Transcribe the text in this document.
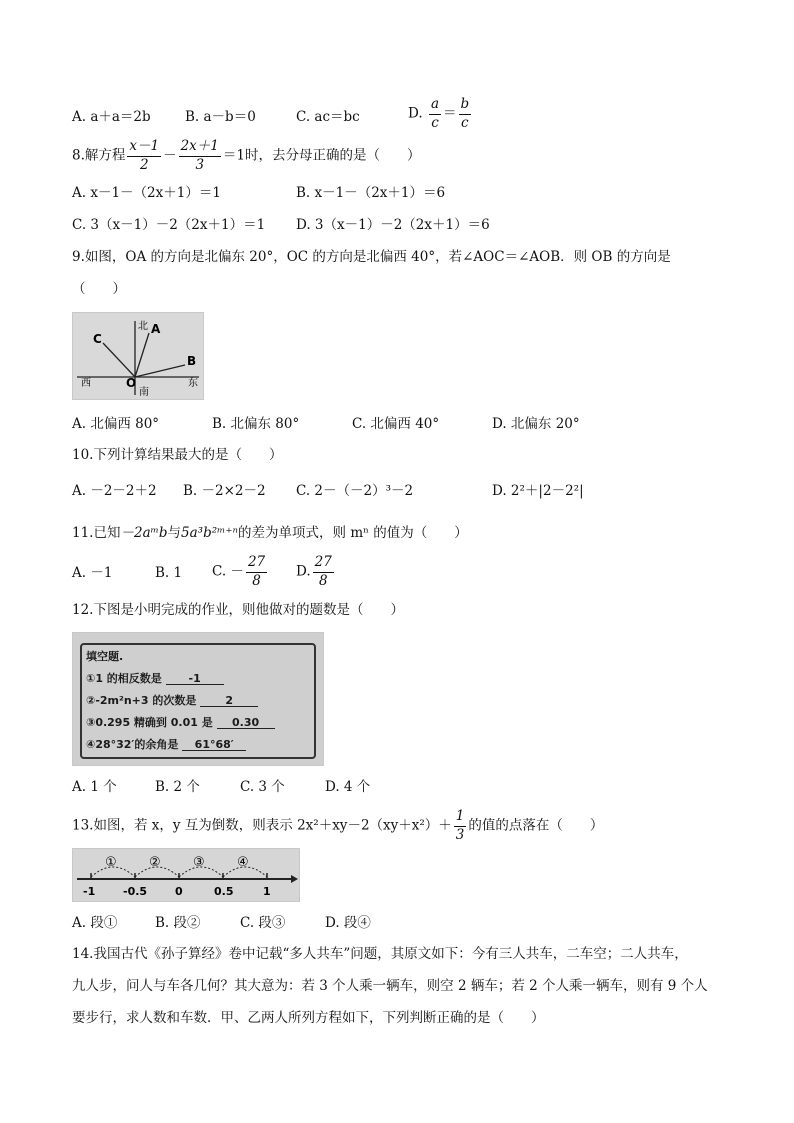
A. a＋a＝2b	B. a－b＝0	C. ac＝bc	D. $\frac{a}{c} = \frac{b}{c}$
8.解方程 $\frac{x-1}{2} - \frac{2x+1}{3} =1$时，去分母正确的是（　　）
A. x－1－（2x＋1）＝1	B. x－1－（2x＋1）＝6
C. 3（x－1）－2（2x＋1）＝1 D. 3（x－1）－2（2x＋1）＝6
9.如图，OA 的方向是北偏东 20°，OC 的方向是北偏西 40°，若∠AOC＝∠AOB．则 OB 的方向是
（　　）
北 A
C
B
O
西	东
南
A. 北偏西 80°	B. 北偏东 80°	C. 北偏西 40°	D. 北偏东 20°
10.下列计算结果最大的是（　　）
A. －2－2＋2 B. －2×2－2 C. 2－（－2）³－2	D. 2²＋|2－2²|
11.已知－2aᵐb与5a³b²ᵐ⁺ⁿ的差为单项式，则 mⁿ 的值为（　　）
A. －1	B. 1 C. － $\frac{27}{8} D$. $\frac{27}{8}$
12.下图是小明完成的作业，则他做对的题数是（　　）
填空题.
①1 的相反数是 -1
②-2m²n+3 的次数是	2
③0.295 精确到 0.01 是 0.30
④28°32′的余角是 61°68′
A. 1 个	B. 2 个	C. 3 个	D. 4 个
13.如图，若 x，y 互为倒数，则表示 $2x^2+xy-2(xy+x^2)+ \frac{1}{3}$ 的值的点落在（　　）
① ② ③ ④
-1	-0.5	0	0.5	1
A. 段①	B. 段②	C. 段③	D. 段④
14.我国古代《孙子算经》卷中记载“多人共车”问题，其原文如下：今有三人共车，二车空；二人共车，
九人步，问人与车各几何？其大意为：若 3 个人乘一辆车，则空 2 辆车；若 2 个人乘一辆车，则有 9 个人
要步行，求人数和车数．甲、乙两人所列方程如下，下列判断正确的是（　　）
